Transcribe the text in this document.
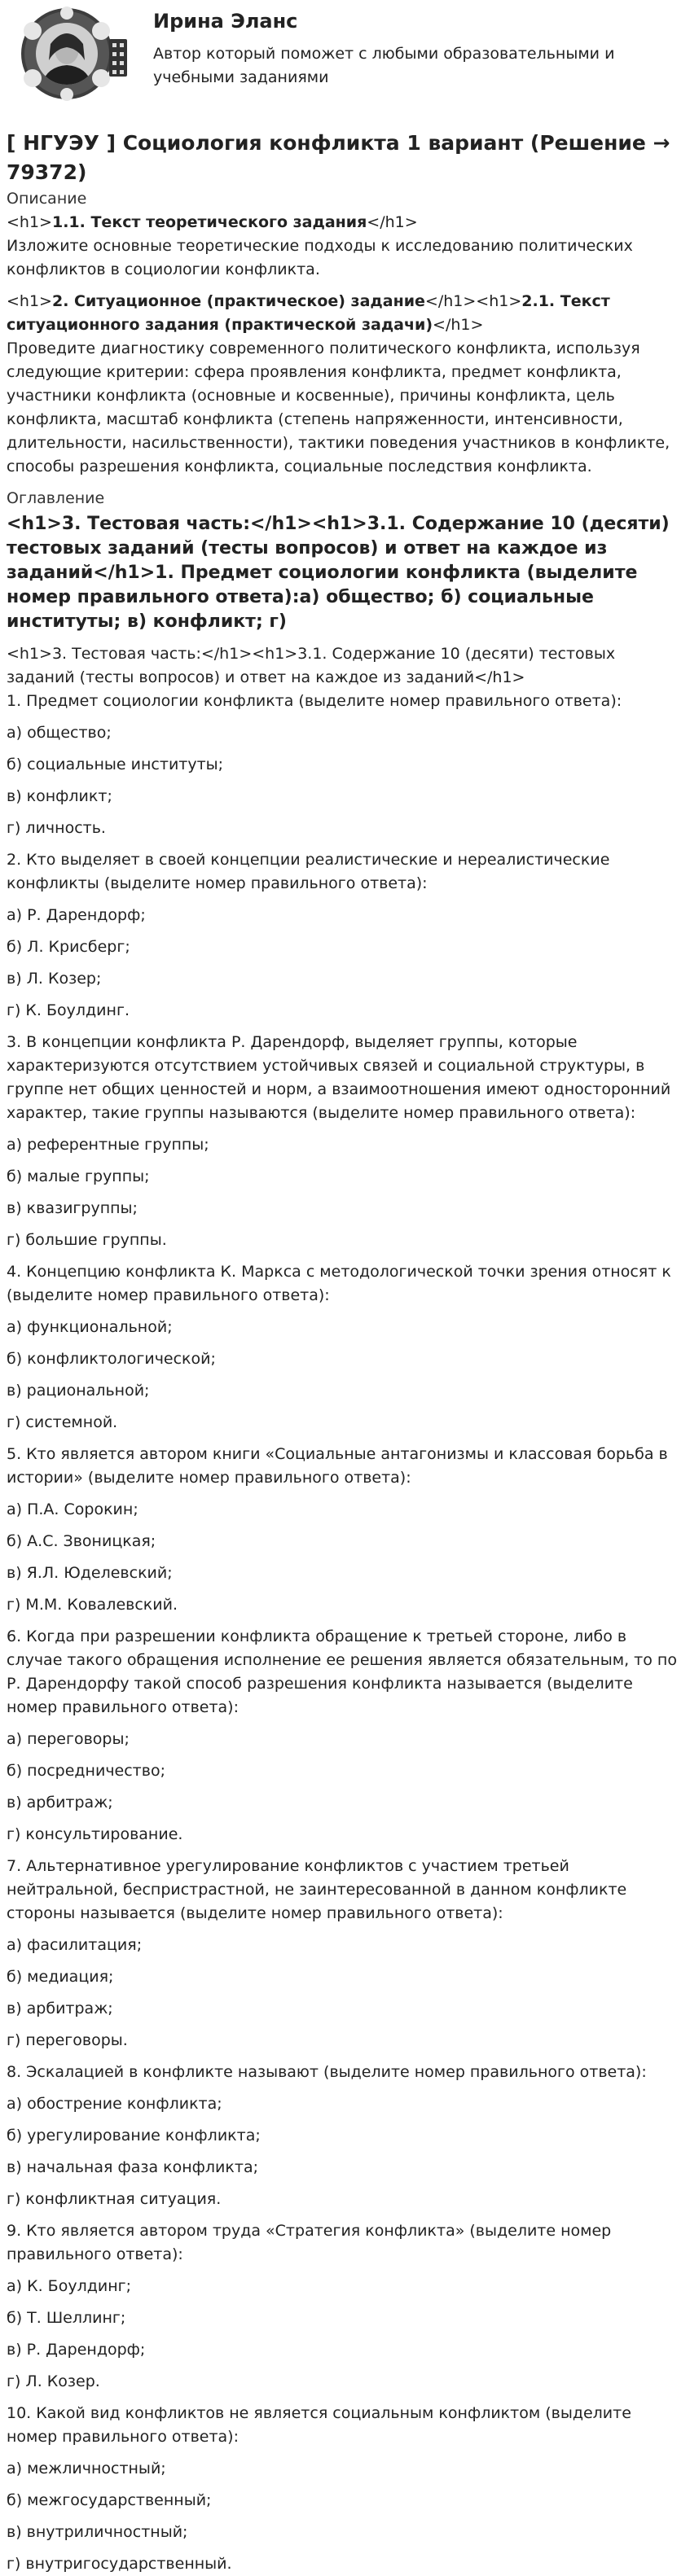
Ирина Эланс
Автор который поможет с любыми образовательными и учебными заданиями
[ НГУЭУ ] Социология конфликта 1 вариант (Решение → 79372)
Описание

<h1>1.1. Текст теоретического задания</h1>

Изложите основные теоретические подходы к исследованию политических конфликтов в социологии конфликта.

<h1>2. Ситуационное (практическое) задание</h1><h1>2.1. Текст ситуационного задания (практической задачи)</h1>

Проведите диагностику современного политического конфликта, используя следующие критерии: сфера проявления конфликта, предмет конфликта, участники конфликта (основные и косвенные), причины конфликта, цель конфликта, масштаб конфликта (степень напряженности, интенсивности, длительности, насильственности), тактики поведения участников в конфликте, способы разрешения конфликта, социальные последствия конфликта.

Оглавление
<h1>3. Тестовая часть:</h1><h1>3.1. Содержание 10 (десяти) тестовых заданий (тесты вопросов) и ответ на каждое из заданий</h1>1. Предмет социологии конфликта (выделите номер правильного ответа):а) общество; б) социальные институты; в) конфликт; г)

<h1>3. Тестовая часть:</h1><h1>3.1. Содержание 10 (десяти) тестовых заданий (тесты вопросов) и ответ на каждое из заданий</h1>

1. Предмет социологии конфликта (выделите номер правильного ответа):
а) общество;
б) социальные институты;
в) конфликт;
г) личность.
2. Кто выделяет в своей концепции реалистические и нереалистические конфликты (выделите номер правильного ответа):
а) Р. Дарендорф;
б) Л. Крисберг;
в) Л. Козер;
г) К. Боулдинг.
3. В концепции конфликта Р. Дарендорф, выделяет группы, которые характеризуются отсутствием устойчивых связей и социальной структуры, в группе нет общих ценностей и норм, а взаимоотношения имеют односторонний характер, такие группы называются (выделите номер правильного ответа):
а) референтные группы;
б) малые группы;
в) квазигруппы;
г) большие группы.
4. Концепцию конфликта К. Маркса с методологической точки зрения относят к (выделите номер правильного ответа):
а) функциональной;
б) конфликтологической;
в) рациональной;
г) системной.
5. Кто является автором книги «Социальные антагонизмы и классовая борьба в истории» (выделите номер правильного ответа):
а) П.А. Сорокин;
б) А.С. Звоницкая;
в) Я.Л. Юделевский;
г) М.М. Ковалевский.
6. Когда при разрешении конфликта обращение к третьей стороне, либо в случае такого обращения исполнение ее решения является обязательным, то по Р. Дарендорфу такой способ разрешения конфликта называется (выделите номер правильного ответа):
а) переговоры;
б) посредничество;
в) арбитраж;
г) консультирование.
7. Альтернативное урегулирование конфликтов с участием третьей нейтральной, беспристрастной, не заинтересованной в данном конфликте стороны называется (выделите номер правильного ответа):
а) фасилитация;
б) медиация;
в) арбитраж;
г) переговоры.
8. Эскалацией в конфликте называют (выделите номер правильного ответа):
а) обострение конфликта;
б) урегулирование конфликта;
в) начальная фаза конфликта;
г) конфликтная ситуация.
9. Кто является автором труда «Стратегия конфликта» (выделите номер правильного ответа):
а) К. Боулдинг;
б) Т. Шеллинг;
в) Р. Дарендорф;
г) Л. Козер.
10. Какой вид конфликтов не является социальным конфликтом (выделите номер правильного ответа):
а) межличностный;
б) межгосударственный;
в) внутриличностный;
г) внутригосударственный.
